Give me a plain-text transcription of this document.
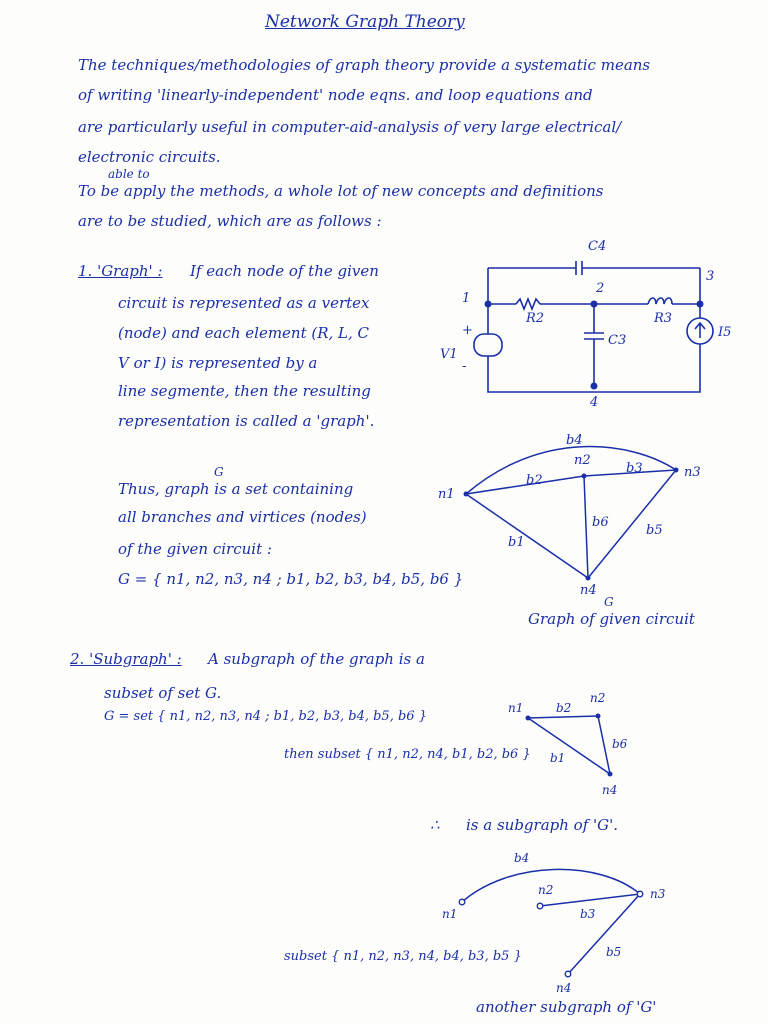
Network Graph Theory
The techniques/methodologies of graph theory provide a systematic means
of writing 'linearly-independent' node eqns. and loop equations and
are particularly useful in computer-aid-analysis of very large electrical/
electronic circuits.
able to
To be apply the methods, a whole lot of new concepts and definitions
are to be studied, which are as follows :
1. 'Graph' : If each node of the given
circuit is represented as a vertex
(node) and each element (R, L, C
V or I) is represented by a
line segmente, then the resulting
representation is called a 'graph'.
G
Thus, graph is a set containing
all branches and virtices (nodes)
of the given circuit :
G = { n1, n2, n3, n4 ; b1, b2, b3, b4, b5, b6 }
G
Graph of given circuit
2. 'Subgraph' : A subgraph of the graph is a
subset of set G.
G = set { n1, n2, n3, n4 ; b1, b2, b3, b4, b5, b6 }
then subset { n1, n2, n4, b1, b2, b6 }
∴ is a subgraph of 'G'.
subset { n1, n2, n3, n4, b4, b3, b5 }
another subgraph of 'G'
C4
R2	R3
C3
I5
V1
+
-
1
2
3
4
n1
n2
n3
n4
b1
b2
b3
b4
b5
b6
n1
n2
n4
b2
b1
b6
n1
n2	n3
n4
b4
b3
b5
